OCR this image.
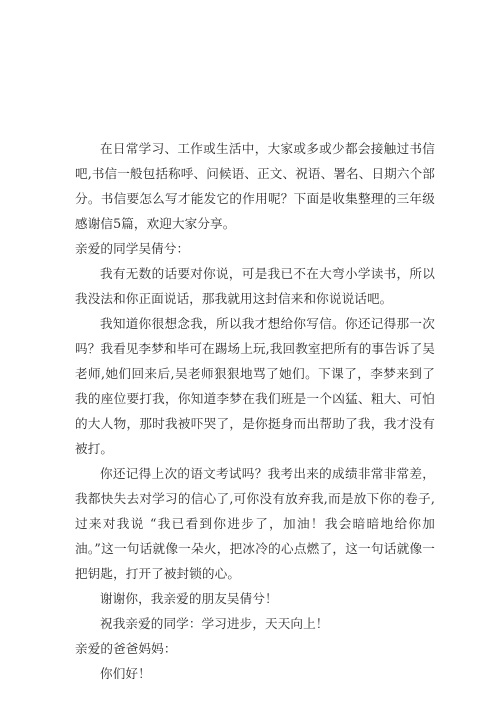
在日常学习、工作或生活中，大家或多或少都会接触过书信吧,书信一般包括称呼、问候语、正文、祝语、署名、日期六个部分。书信要怎么写才能发它的作用呢？下面是收集整理的三年级感谢信5篇，欢迎大家分享。

亲爱的同学吴倩兮：

我有无数的话要对你说，可是我已不在大弯小学读书，所以我没法和你正面说话，那我就用这封信来和你说说话吧。

我知道你很想念我，所以我才想给你写信。你还记得那一次吗？我看见李梦和毕可在踢场上玩,我回教室把所有的事告诉了吴老师,她们回来后,吴老师狠狠地骂了她们。下课了，李梦来到了我的座位要打我，你知道李梦在我们班是一个凶猛、粗大、可怕的大人物，那时我被吓哭了，是你挺身而出帮助了我，我才没有被打。

你还记得上次的语文考试吗？我考出来的成绩非常非常差，我都快失去对学习的信心了,可你没有放弃我,而是放下你的卷子,过来对我说 “我已看到你进步了，加油！我会暗暗地给你加油。”这一句话就像一朵火，把冰冷的心点燃了，这一句话就像一把钥匙，打开了被封锁的心。

谢谢你，我亲爱的朋友吴倩兮！

祝我亲爱的同学：学习进步，天天向上！

亲爱的爸爸妈妈：

你们好！
